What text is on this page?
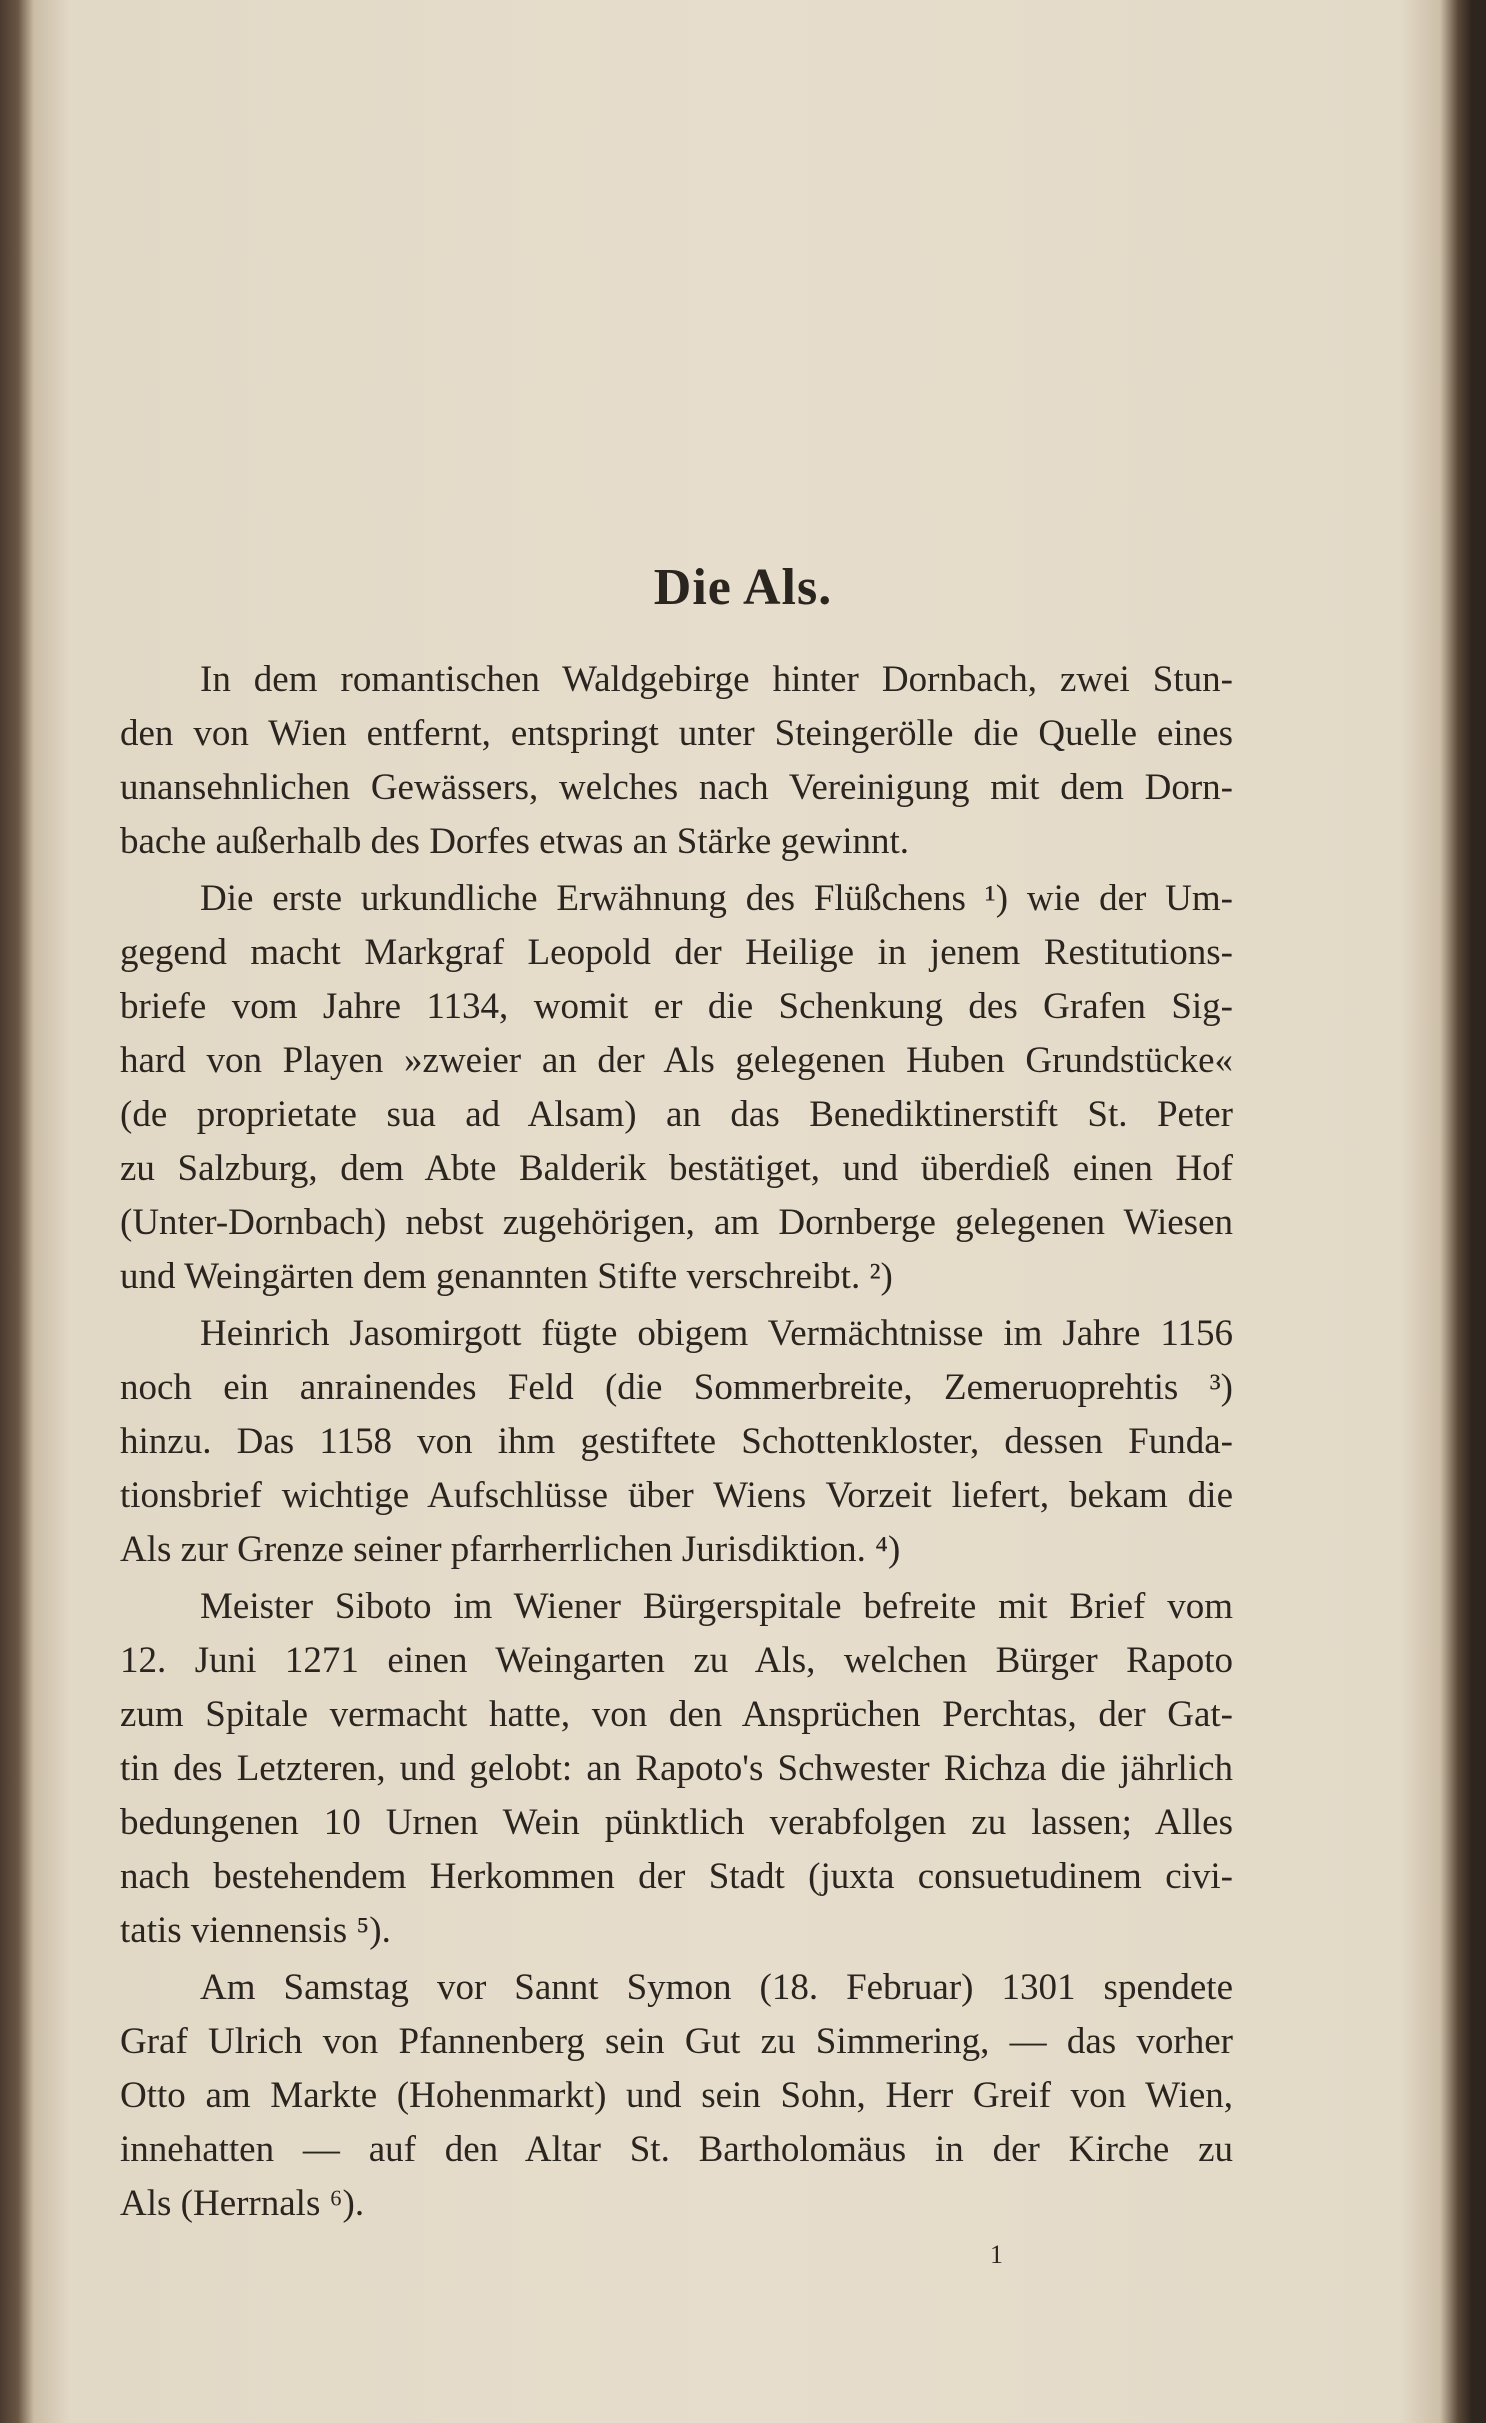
Die Als.
In dem romantischen Waldgebirge hinter Dornbach, zwei Stun-
den von Wien entfernt, entspringt unter Steingerölle die Quelle eines
unansehnlichen Gewässers, welches nach Vereinigung mit dem Dorn-
bache außerhalb des Dorfes etwas an Stärke gewinnt.
Die erste urkundliche Erwähnung des Flüßchens ¹) wie der Um-
gegend macht Markgraf Leopold der Heilige in jenem Restitutions-
briefe vom Jahre 1134, womit er die Schenkung des Grafen Sig-
hard von Playen »zweier an der Als gelegenen Huben Grundstücke«
(de proprietate sua ad Alsam) an das Benediktinerstift St. Peter
zu Salzburg, dem Abte Balderik bestätiget, und überdieß einen Hof
(Unter-Dornbach) nebst zugehörigen, am Dornberge gelegenen Wiesen
und Weingärten dem genannten Stifte verschreibt. ²)
Heinrich Jasomirgott fügte obigem Vermächtnisse im Jahre 1156
noch ein anrainendes Feld (die Sommerbreite, Zemeruoprehtis ³)
hinzu. Das 1158 von ihm gestiftete Schottenkloster, dessen Funda-
tionsbrief wichtige Aufschlüsse über Wiens Vorzeit liefert, bekam die
Als zur Grenze seiner pfarrherrlichen Jurisdiktion. ⁴)
Meister Siboto im Wiener Bürgerspitale befreite mit Brief vom
12. Juni 1271 einen Weingarten zu Als, welchen Bürger Rapoto
zum Spitale vermacht hatte, von den Ansprüchen Perchtas, der Gat-
tin des Letzteren, und gelobt: an Rapoto's Schwester Richza die jährlich
bedungenen 10 Urnen Wein pünktlich verabfolgen zu lassen; Alles
nach bestehendem Herkommen der Stadt (juxta consuetudinem civi-
tatis viennensis ⁵).
Am Samstag vor Sannt Symon (18. Februar) 1301 spendete
Graf Ulrich von Pfannenberg sein Gut zu Simmering, — das vorher
Otto am Markte (Hohenmarkt) und sein Sohn, Herr Greif von Wien,
innehatten — auf den Altar St. Bartholomäus in der Kirche zu
Als (Herrnals ⁶).
1
